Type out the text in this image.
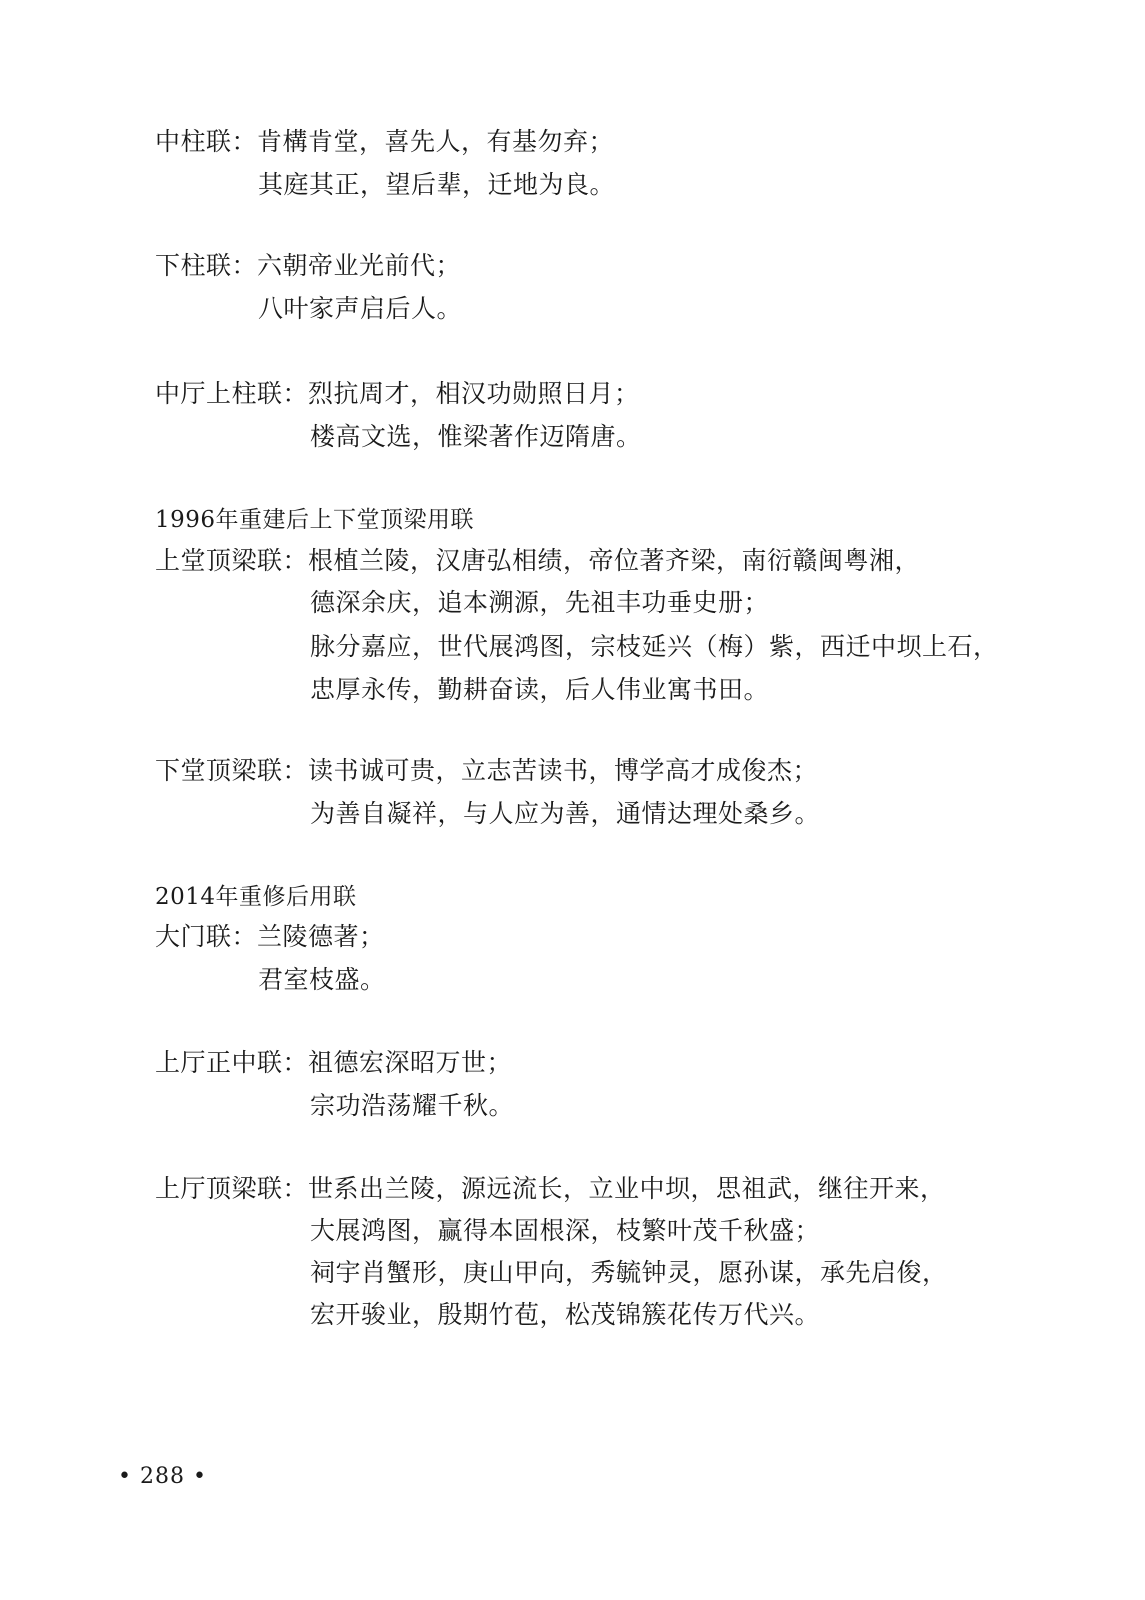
中柱联：肯構肯堂，喜先人，有基勿弃；
其庭其正，望后辈，迁地为良。
下柱联：六朝帝业光前代；
八叶家声启后人。
中厅上柱联：烈抗周才，相汉功勋照日月；
楼高文选，惟梁著作迈隋唐。
1996年重建后上下堂顶梁用联
上堂顶梁联：根植兰陵，汉唐弘相绩，帝位著齐梁，南衍赣闽粤湘，
德深余庆，追本溯源，先祖丰功垂史册；
脉分嘉应，世代展鸿图，宗枝延兴（梅）紫，西迁中坝上石，
忠厚永传，勤耕奋读，后人伟业寓书田。
下堂顶梁联：读书诚可贵，立志苦读书，博学高才成俊杰；
为善自凝祥，与人应为善，通情达理处桑乡。
2014年重修后用联
大门联：兰陵德著；
君室枝盛。
上厅正中联：祖德宏深昭万世；
宗功浩荡耀千秋。
上厅顶梁联：世系出兰陵，源远流长，立业中坝，思祖武，继往开来，
大展鸿图，赢得本固根深，枝繁叶茂千秋盛；
祠宇肖蟹形，庚山甲向，秀毓钟灵，愿孙谋，承先启俊，
宏开骏业，殷期竹苞，松茂锦簇花传万代兴。
• 288 •
